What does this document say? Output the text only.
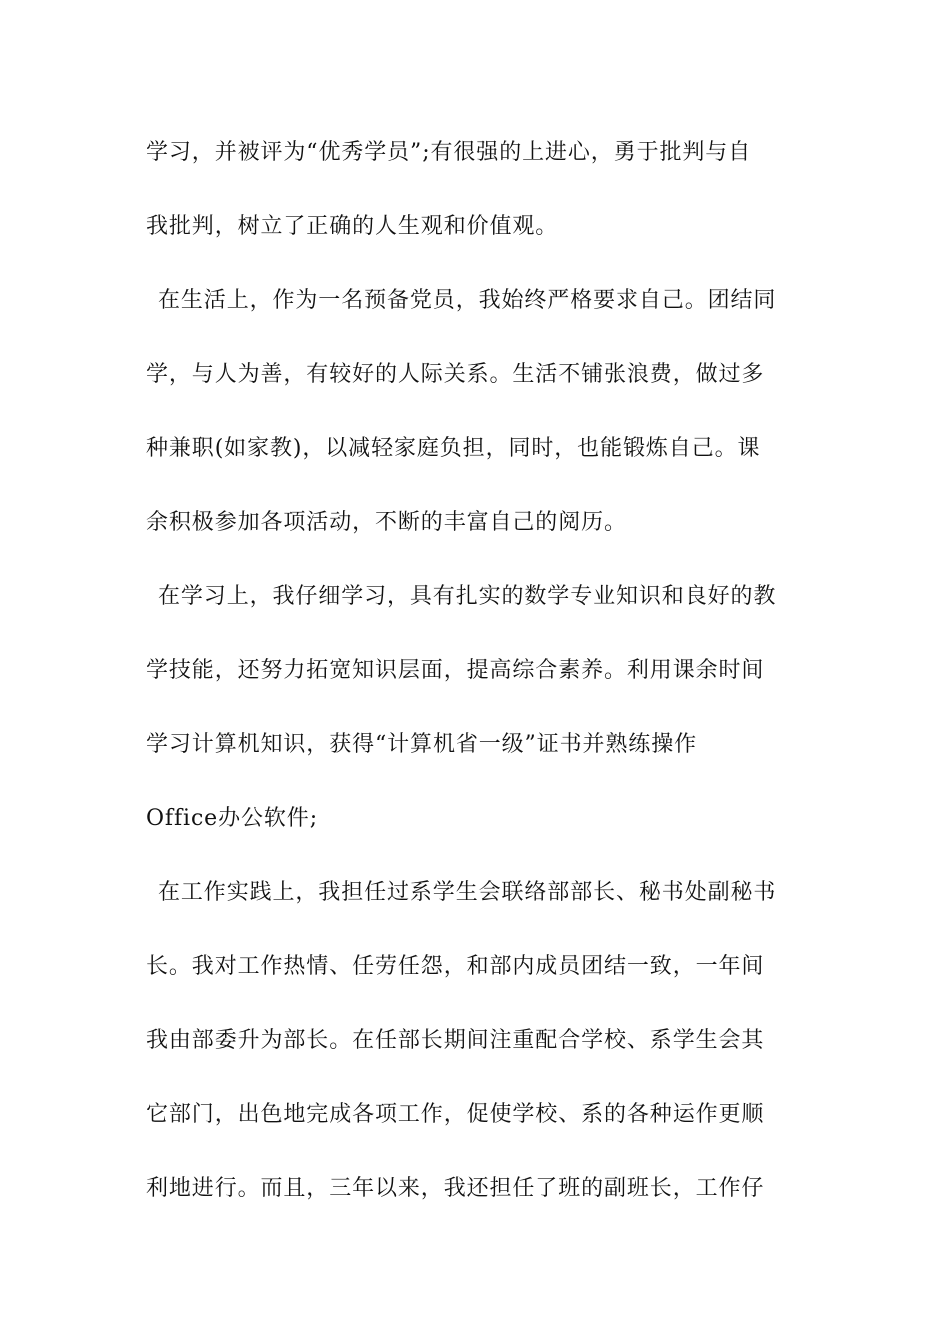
学习，并被评为“优秀学员”;有很强的上进心，勇于批判与自
我批判，树立了正确的人生观和价值观。
在生活上，作为一名预备党员，我始终严格要求自己。团结同
学，与人为善，有较好的人际关系。生活不铺张浪费，做过多
种兼职(如家教)，以减轻家庭负担，同时，也能锻炼自己。课
余积极参加各项活动，不断的丰富自己的阅历。
在学习上，我仔细学习，具有扎实的数学专业知识和良好的教
学技能，还努力拓宽知识层面，提高综合素养。利用课余时间
学习计算机知识，获得“计算机省一级”证书并熟练操作
Office办公软件;
在工作实践上，我担任过系学生会联络部部长、秘书处副秘书
长。我对工作热情、任劳任怨，和部内成员团结一致，一年间
我由部委升为部长。在任部长期间注重配合学校、系学生会其
它部门，出色地完成各项工作，促使学校、系的各种运作更顺
利地进行。而且，三年以来，我还担任了班的副班长，工作仔
